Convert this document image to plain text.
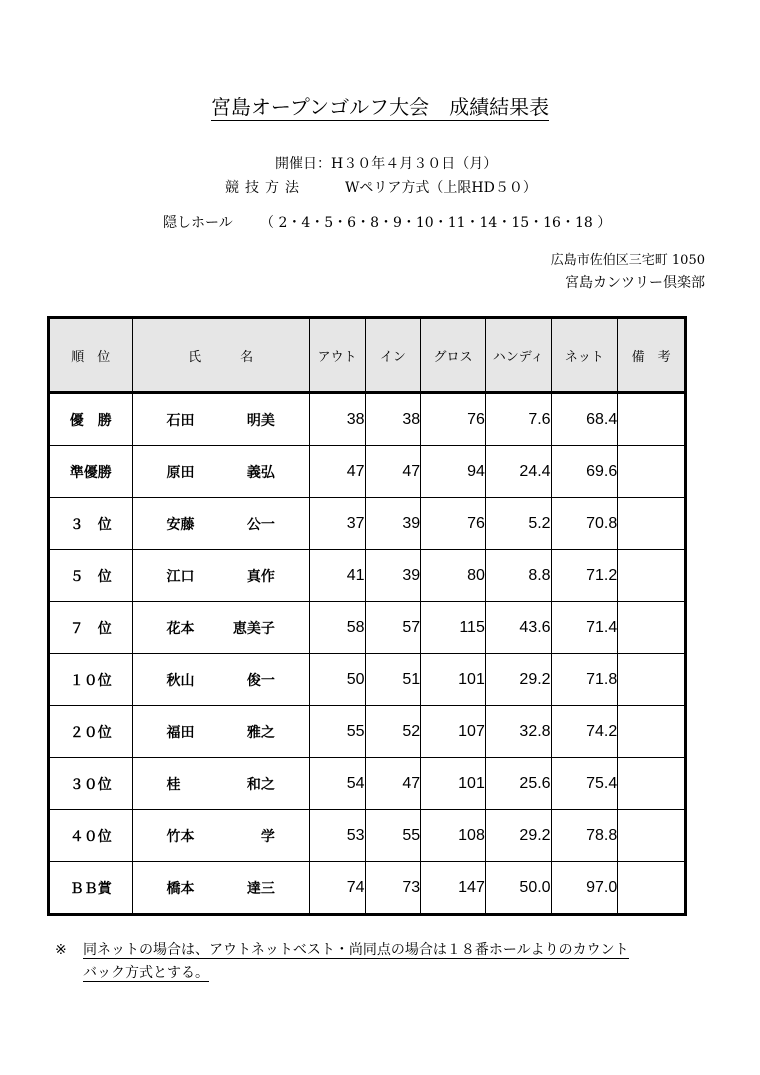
宮島オープンゴルフ大会　成績結果表
開催日：H３０年４月３０日（月）
競技方法	Wペリア方式（上限HD５０）
隠しホール （ 2・4・5・6・8・9・10・11・14・15・16・18 ）
広島市佐伯区三宅町 1050
宮島カンツリー倶楽部
順　位	氏　　　名	アウト	イン	グロス	ハンディ	ネット	備　考
優　勝	石田 明美	38	38	76	7.6	68.4	
準優勝	原田 義弘	47	47	94	24.4	69.6	
３　位	安藤 公一	37	39	76	5.2	70.8	
５　位	江口 真作	41	39	80	8.8	71.2	
７　位	花本 恵美子	58	57	115	43.6	71.4	
１０位	秋山 俊一	50	51	101	29.2	71.8	
２０位	福田 雅之	55	52	107	32.8	74.2	
３０位	桂 和之	54	47	101	25.6	75.4	
４０位	竹本 学	53	55	108	29.2	78.8	
ＢＢ賞	橋本 達三	74	73	147	50.0	97.0	
※ 同ネットの場合は、アウトネットベスト・尚同点の場合は１８番ホールよりのカウント
バック方式とする。
